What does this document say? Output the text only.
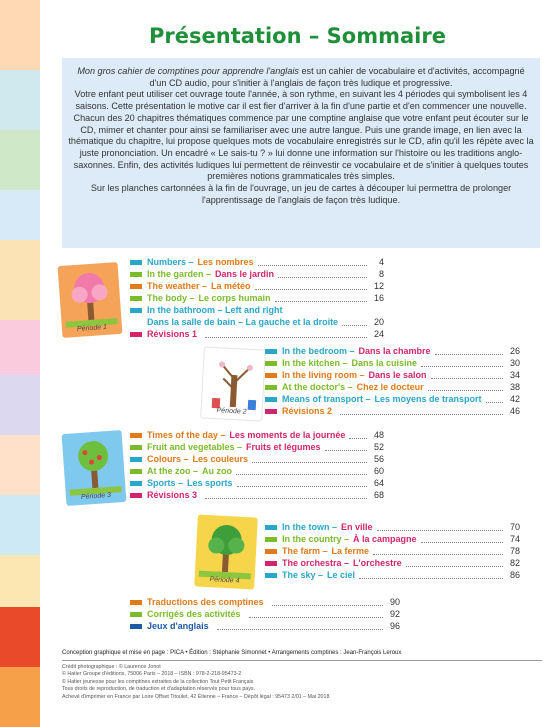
Présentation – Sommaire

Mon gros cahier de comptines pour apprendre l'anglais est un cahier de vocabulaire et d'activités, accompagné d'un CD audio, pour s'initier à l'anglais de façon très ludique et progressive.

Votre enfant peut utiliser cet ouvrage toute l'année, à son rythme, en suivant les 4 périodes qui symbolisent les 4 saisons. Cette présentation le motive car il est fier d'arriver à la fin d'une partie et d'en commencer une nouvelle.

Chacun des 20 chapitres thématiques commence par une comptine anglaise que votre enfant peut écouter sur le CD, mimer et chanter pour ainsi se familiariser avec une autre langue. Puis une grande image, en lien avec la thématique du chapitre, lui propose quelques mots de vocabulaire enregistrés sur le CD, afin qu'il les répète avec la juste prononciation. Un encadré « Le sais-tu ? » lui donne une information sur l'histoire ou les traditions anglo-saxonnes. Enfin, des activités ludiques lui permettent de réinvestir ce vocabulaire et de s'initier à quelques toutes premières notions grammaticales très simples.

Sur les planches cartonnées à la fin de l'ouvrage, un jeu de cartes à découper lui permettra de prolonger l'apprentissage de l'anglais de façon très ludique.

Période 1
Période 2
Période 3
Période 4
Numbers – Les nombres	4
In the garden – Dans le jardin	8
The weather – La météo	12
The body – Le corps humain	16
In the bathroom – Left and right
Dans la salle de bain – La gauche et la droite	20
Révisions 1	24
In the bedroom – Dans la chambre	26
In the kitchen – Dans la cuisine	30
In the living room – Dans le salon	34
At the doctor's – Chez le docteur	38
Means of transport – Les moyens de transport	42
Révisions 2	46
Times of the day – Les moments de la journée	48
Fruit and vegetables – Fruits et légumes	52
Colours – Les couleurs	56
At the zoo – Au zoo	60
Sports – Les sports	64
Révisions 3	68
In the town – En ville	70
In the country – À la campagne	74
The farm – La ferme	78
The orchestra – L'orchestre	82
The sky – Le ciel	86
Traductions des comptines	90
Corrigés des activités	92
Jeux d'anglais	96
Conception graphique et mise en page : PICA • Édition : Stéphanie Simonnet • Arrangements comptines : Jean-François Leroux
Crédit photographique : © Laurence Jonot
© Hatier Groupe d'éditions, 75006 Paris – 2018 – ISBN : 978-2-218-95473-2
© Hatier jeunesse pour les comptines extraites de la collection Tout Petit Français
Tous droits de reproduction, de traduction et d'adaptation réservés pour tous pays.
Achevé d'imprimer en France par Loire Offset Titoulet, 42 Étienne – France – Dépôt légal : 95473 2/01 – Mai 2018
